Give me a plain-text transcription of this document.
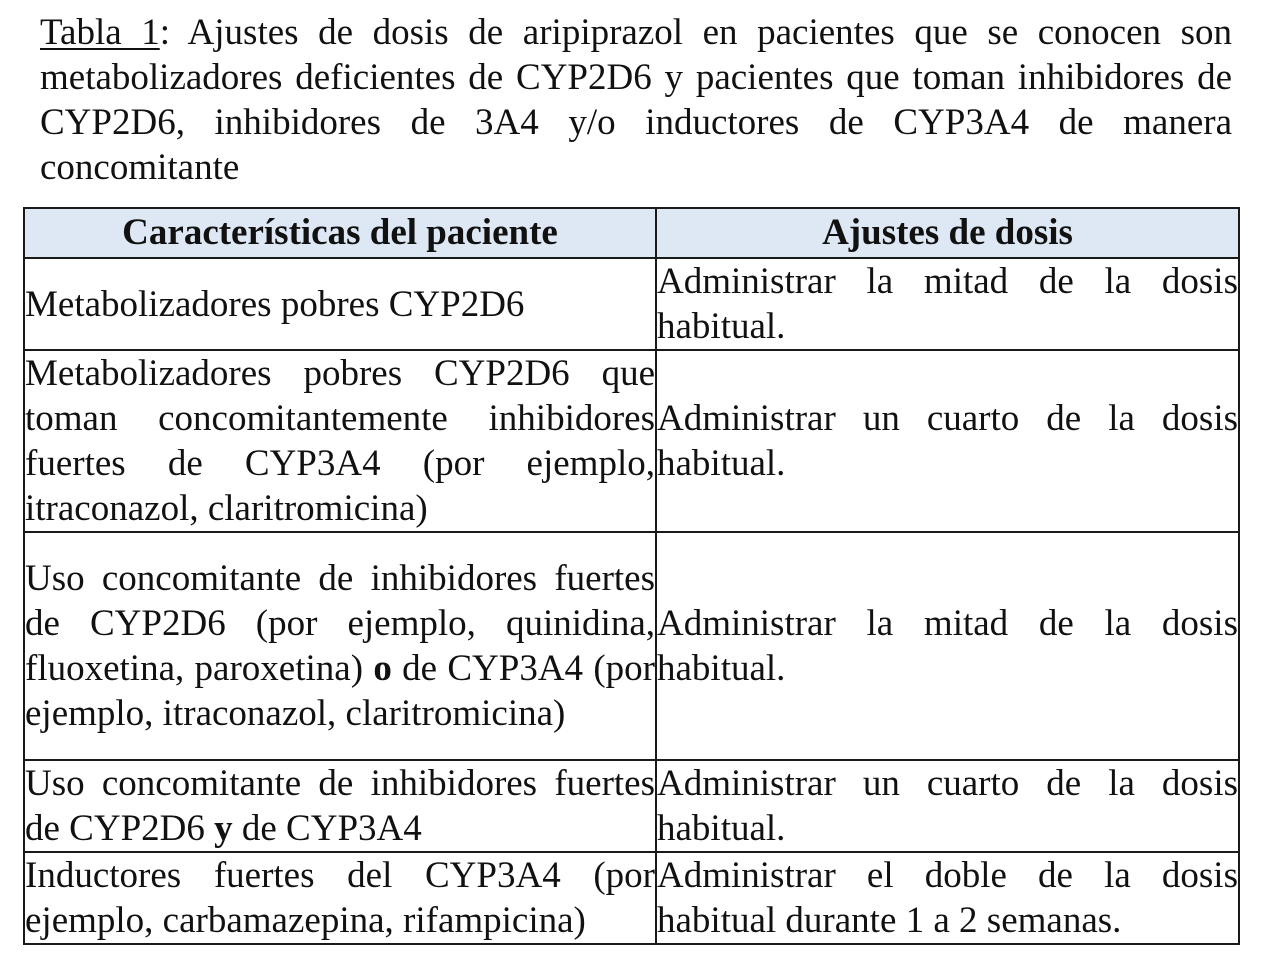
Tabla 1: Ajustes de dosis de aripiprazol en pacientes que se conocen son metabolizadores deficientes de CYP2D6 y pacientes que toman inhibidores de CYP2D6, inhibidores de 3A4 y/o inductores de CYP3A4 de manera concomitante
Características del paciente	Ajustes de dosis
Metabolizadores pobres CYP2D6	Administrar la mitad de la dosis habitual.
Metabolizadores pobres CYP2D6 que toman concomitantemente inhibidores fuertes de CYP3A4 (por ejemplo, itraconazol, claritromicina)	Administrar un cuarto de la dosis habitual.
Uso concomitante de inhibidores fuertes de CYP2D6 (por ejemplo, quinidina, fluoxetina, paroxetina) o de CYP3A4 (por ejemplo, itraconazol, claritromicina)	Administrar la mitad de la dosis habitual.
Uso concomitante de inhibidores fuertes de CYP2D6 y de CYP3A4	Administrar un cuarto de la dosis habitual.
Inductores fuertes del CYP3A4 (por ejemplo, carbamazepina, rifampicina)	Administrar el doble de la dosis habitual durante 1 a 2 semanas.
